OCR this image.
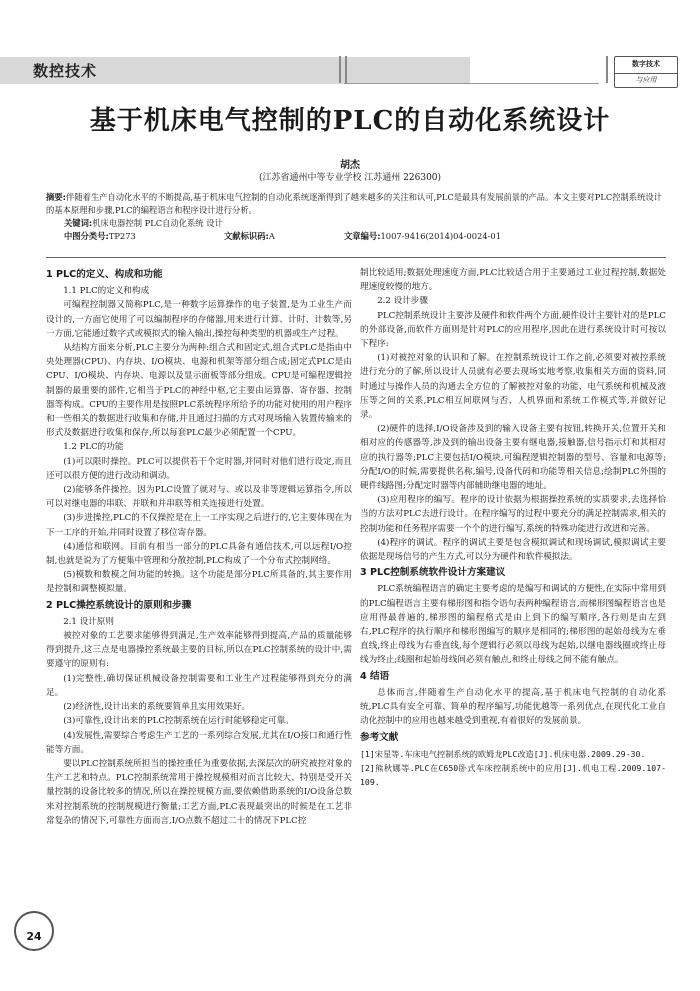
数控技术	数字技术
与应用
基于机床电气控制的PLC的自动化系统设计
胡杰
(江苏省通州中等专业学校 江苏通州 226300)

摘要:伴随着生产自动化水平的不断提高,基于机床电气控制的自动化系统逐渐得到了越来越多的关注和认可,PLC是最具有发展前景的产品。本文主要对PLC控制系统设计的基本原理和步骤,PLC的编程语言和程序设计进行分析。

关键词:机床电器控制 PLC自动化系统 设计

中图分类号:TP273	文献标识码:A	文章编号:1007-9416(2014)04-0024-01
1 PLC的定义、构成和功能
1.1 PLC的定义和构成

可编程控制器又简称PLC,是一种数字运算操作的电子装置,是为工业生产而设计的,一方面它使用了可以编制程序的存储器,用来进行计算、计时、计数等,另一方面,它能通过数字式或模拟式的输入输出,操控每种类型的机器或生产过程。

从结构方面来分析,PLC主要分为两种:组合式和固定式,组合式PLC是指由中央处理器(CPU)、内存块、I/O模块、电源和机架等部分组合成;固定式PLC是由CPU、I/O模块、内存块、电源以及显示面板等部分组成。CPU是可编程逻辑控制器的最重要的部件,它相当于PLC的神经中枢,它主要由运算器、寄存器、控制器等构成。CPU的主要作用是按照PLC系统程序所给予的功能对使用的用户程序和一些相关的数据进行收集和存储,并且通过扫描的方式对现场输入装置传输来的形式及数据进行收集和保存,所以每套PLC最少必须配置一个CPU。

1.2 PLC的功能

(1)可以限时操控。PLC可以提供若干个定时器,并同时对他们进行设定,而且还可以很方便的进行改动和调动。

(2)能够条件操控。因为PLC设置了就对与、或以及非等逻辑运算指令,所以可以对继电器的串联、并联和并串联等相关连接进行处置。

(3)步进操控,PLC的不仅操控是在上一工序实现之后进行的,它主要体现在为下一工序的开始,并同时设置了移位寄存器。

(4)通信和联网。目前有相当一部分的PLC具备有通信技术,可以远程I/O控制,也就是说为了方便集中管理和分散控制,PLC构成了一个分布式控制网络。

(5)模数和数模之间功能的转换。这个功能是部分PLC所具备的,其主要作用是控制和调整模拟量。

2 PLC操控系统设计的原则和步骤
2.1 设计原则

被控对象的工艺要求能够得到满足,生产效率能够得到提高,产品的质量能够得到提升,这三点是电器操控系统最主要的目标,所以在PLC控制系统的设计中,需要遵守的原则有:

(1)完整性,确切保证机械设备控制需要和工业生产过程能够得到充分的满足。

(2)经济性,设计出来的系统要简单且实用效果好。

(3)可靠性,设计出来的PLC控制系统在运行时能够稳定可靠。

(4)发展性,需要综合考虑生产工艺的一系列综合发展,尤其在I/O接口和通行性能等方面。

要以PLC控制系统所担当的操控重任为重要依据,去深层次的研究被控对象的生产工艺和特点。PLC控制系统常用于操控规模相对而言比较大、特别是受开关量控制的设备比较多的情况,所以在操控规模方面,要依赖借助系统的I/O设备总数来对控制系统的控制规模进行衡量;工艺方面,PLC表现最突出的时候是在工艺非常复杂的情况下,可靠性方面而言,I/O点数不超过二十的情况下PLC控

制比较适用;数据处理速度方面,PLC比较适合用于主要通过工业过程控制,数据处理速度较慢的地方。

2.2 设计步骤

PLC控制系统设计主要涉及硬件和软件两个方面,硬件设计主要针对的是PLC的外部设备,而软件方面则是针对PLC的应用程序,因此在进行系统设计时可按以下程序:

(1)对被控对象的认识和了解。在控制系统设计工作之前,必须要对被控系统进行充分的了解,所以设计人员就有必要去现场实地考察,收集相关方面的资料,同时通过与操作人员的沟通去全方位的了解被控对象的功能、电气系统和机械及液压等之间的关系,PLC相互间联网与否、人机界面和系统工作模式等,并做好记录。

(2)硬件的选择,I/O设备涉及到的输入设备主要有按钮,转换开关,位置开关和相对应的传感器等,涉及到的输出设备主要有继电器,接触器,信号指示灯和其相对应的执行器等;PLC主要包括I/O模块,可编程逻辑控制器的型号、容量和电源等;分配I/O的时候,需要提供名称,编号,设备代码和功能等相关信息;绘制PLC外围的硬件线路图;分配定时器等内部辅助继电器的地址。

(3)应用程序的编写。程序的设计依据为根据操控系统的实质要求,去选择恰当的方法对PLC去进行设计。在程序编写的过程中要充分的满足控制需求,相关的控制功能和任务程序需要一个个的进行编写,系统的特殊功能进行改进和完善。

(4)程序的调试。程序的调试主要是包含模拟调试和现场调试,模拟调试主要依据是现场信号的产生方式,可以分为硬件和软件模拟法。

3 PLC控制系统软件设计方案建议

PLC系统编程语言的确定主要考虑的是编写和调试的方便性,在实际中常用到的PLC编程语言主要有梯形图和指令语句表两种编程语言,而梯形图编程语言也是应用得最普遍的,梯形图的编程格式是由上到下的编写顺序,各行则是由左到右,PLC程序的执行顺序和梯形图编写的顺序是相同的;梯形图的起始母线为左垂直线,终止母线为右垂直线,每个逻辑行必须以母线为起始,以继电器线圈或终止母线为终止;线圈和起始母线间必须有触点,和终止母线之间不能有触点。

4 结语

总体而言,伴随着生产自动化水平的提高,基于机床电气控制的自动化系统,PLC具有安全可靠、简单的程序编写,功能优越等一系列优点,在现代化工业自动化控制中的应用也越来越受到重视,有着很好的发展前景。

参考文献

[1]宋星等.车床电气控制系统的欧姆龙PLC改造[J].机床电器.2009.29-30.

[2]熊秋娜等.PLC在C650卧式车床控制系统中的应用[J].机电工程.2009.107-109.

24
